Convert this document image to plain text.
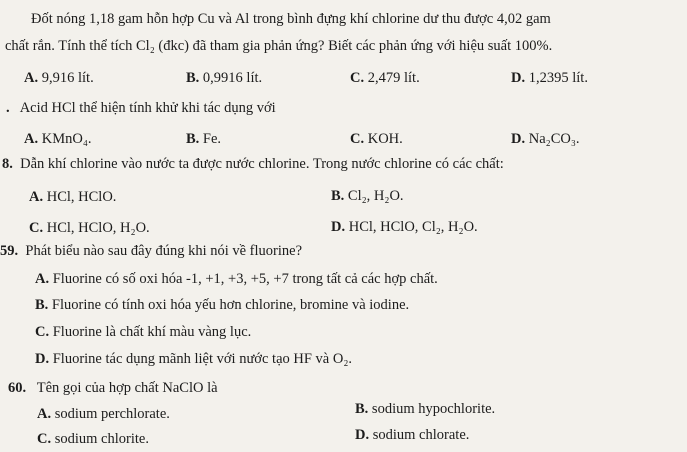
Đốt nóng 1,18 gam hỗn hợp Cu và Al trong bình đựng khí chlorine dư thu được 4,02 gam
chất rắn. Tính thể tích Cl₂ (đkc) đã tham gia phản ứng? Biết các phản ứng với hiệu suất 100%.
A. 9,916 lít.	B. 0,9916 lít.	C. 2,479 lít.	D. 1,2395 lít.
. Acid HCl thể hiện tính khử khi tác dụng với
A. KMnO₄.	B. Fe.	C. KOH.	D. Na₂CO₃.
8. Dẫn khí chlorine vào nước ta được nước chlorine. Trong nước chlorine có các chất:
A. HCl, HClO.	B. Cl₂, H₂O.
C. HCl, HClO, H₂O.	D. HCl, HClO, Cl₂, H₂O.
59. Phát biểu nào sau đây đúng khi nói về fluorine?
A. Fluorine có số oxi hóa -1, +1, +3, +5, +7 trong tất cả các hợp chất.
B. Fluorine có tính oxi hóa yếu hơn chlorine, bromine và iodine.
C. Fluorine là chất khí màu vàng lục.
D. Fluorine tác dụng mãnh liệt với nước tạo HF và O₂.
60. Tên gọi của hợp chất NaClO là
A. sodium perchlorate.	B. sodium hypochlorite.
C. sodium chlorite.	D. sodium chlorate.
